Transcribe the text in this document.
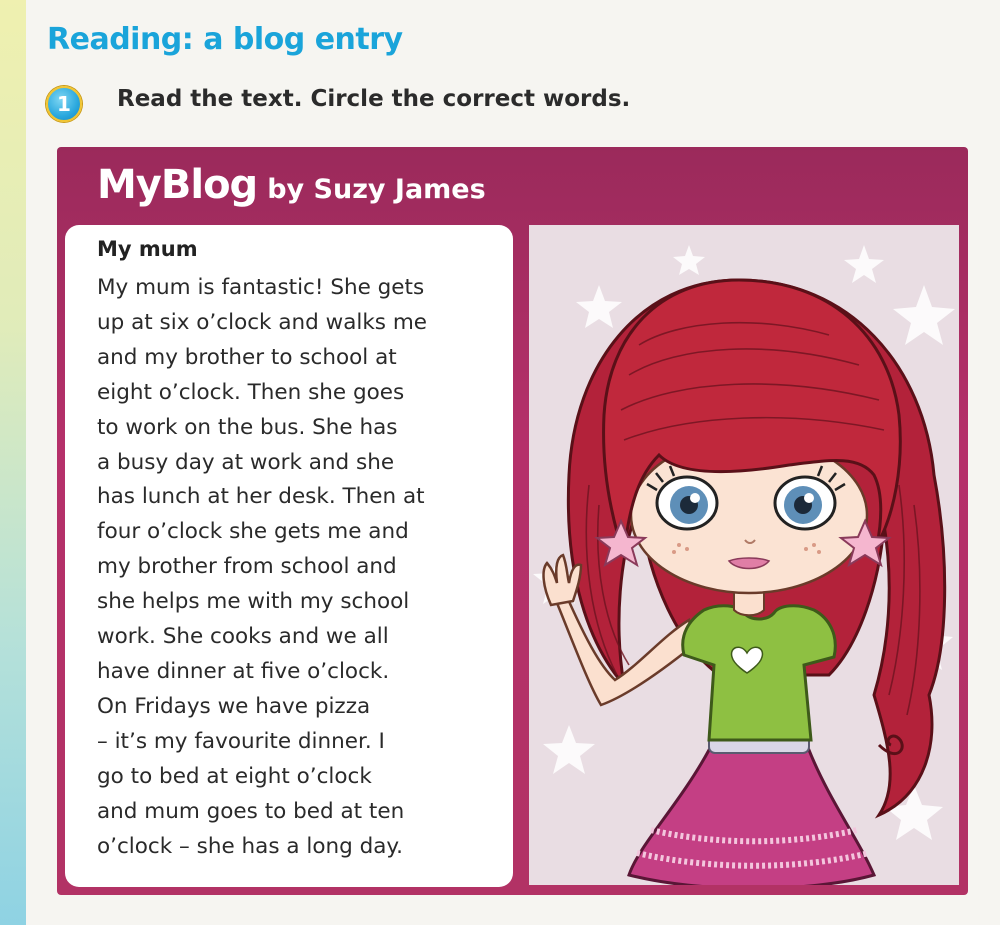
Reading: a blog entry
1	Read the text. Circle the correct words.

MyBlog by Suzy James
My mum

My mum is fantastic! She gets
up at six o’clock and walks me
and my brother to school at
eight o’clock. Then she goes
to work on the bus. She has
a busy day at work and she
has lunch at her desk. Then at
four o’clock she gets me and
my brother from school and
she helps me with my school
work. She cooks and we all
have dinner at five o’clock.
On Fridays we have pizza
– it’s my favourite dinner. I
go to bed at eight o’clock
and mum goes to bed at ten
o’clock – she has a long day.
